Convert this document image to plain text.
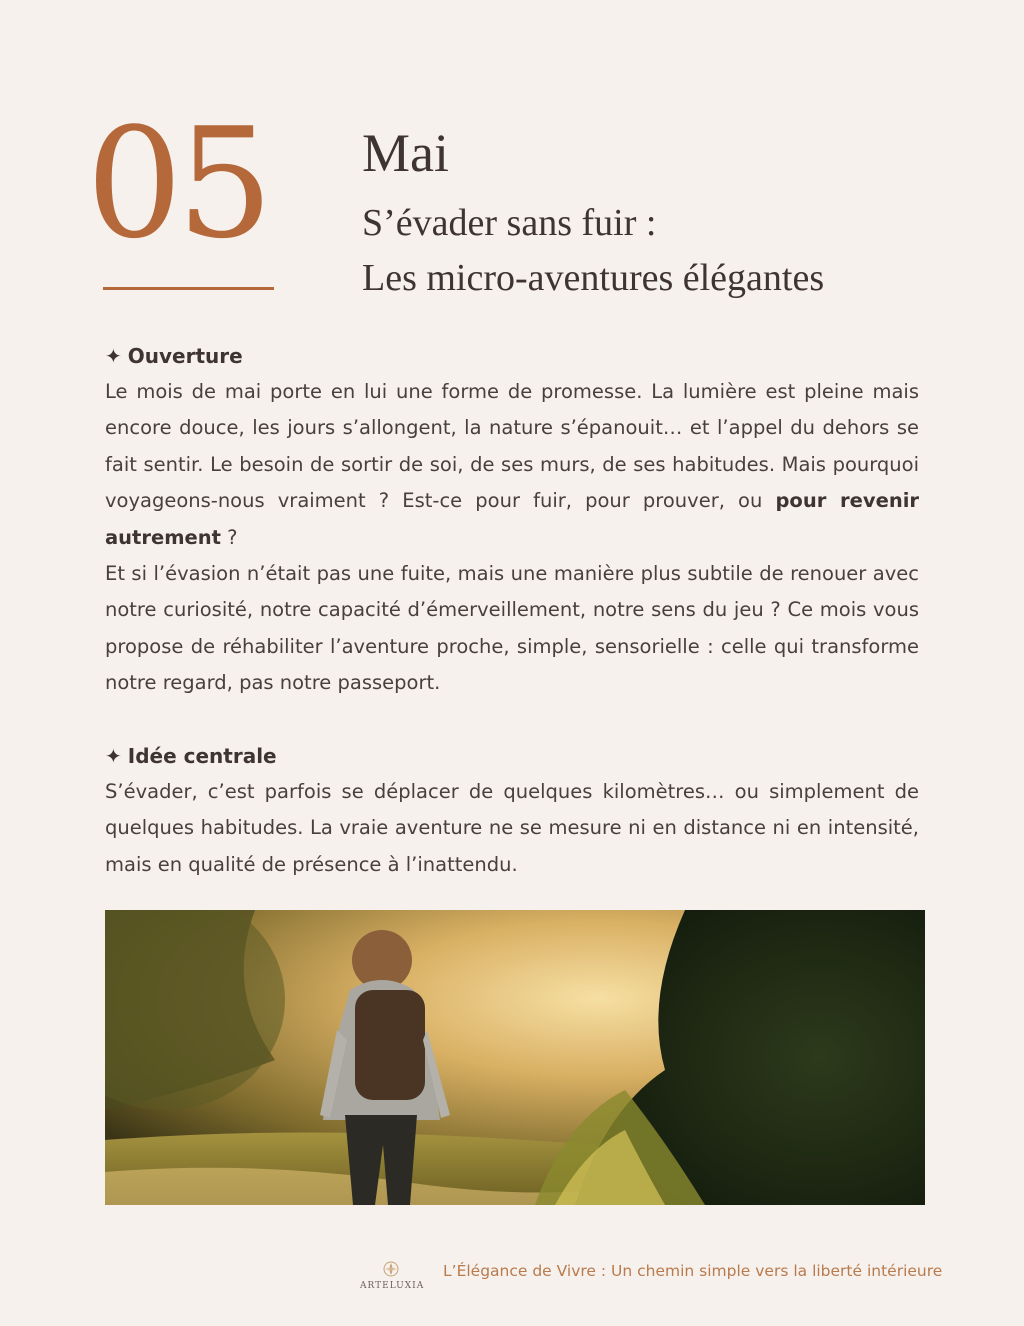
05 Mai
S’évader sans fuir :
Les micro-aventures élégantes
✦ Ouverture

Le mois de mai porte en lui une forme de promesse. La lumière est pleine mais encore douce, les jours s’allongent, la nature s’épanouit… et l’appel du dehors se fait sentir. Le besoin de sortir de soi, de ses murs, de ses habitudes. Mais pourquoi voyageons-nous vraiment ? Est-ce pour fuir, pour prouver, ou pour revenir autrement ?

Et si l’évasion n’était pas une fuite, mais une manière plus subtile de renouer avec notre curiosité, notre capacité d’émerveillement, notre sens du jeu ? Ce mois vous propose de réhabiliter l’aventure proche, simple, sensorielle : celle qui transforme notre regard, pas notre passeport.

✦ Idée centrale

S’évader, c’est parfois se déplacer de quelques kilomètres… ou simplement de quelques habitudes. La vraie aventure ne se mesure ni en distance ni en intensité, mais en qualité de présence à l’inattendu.

ARTELUXIA
L’Élégance de Vivre : Un chemin simple vers la liberté intérieure
